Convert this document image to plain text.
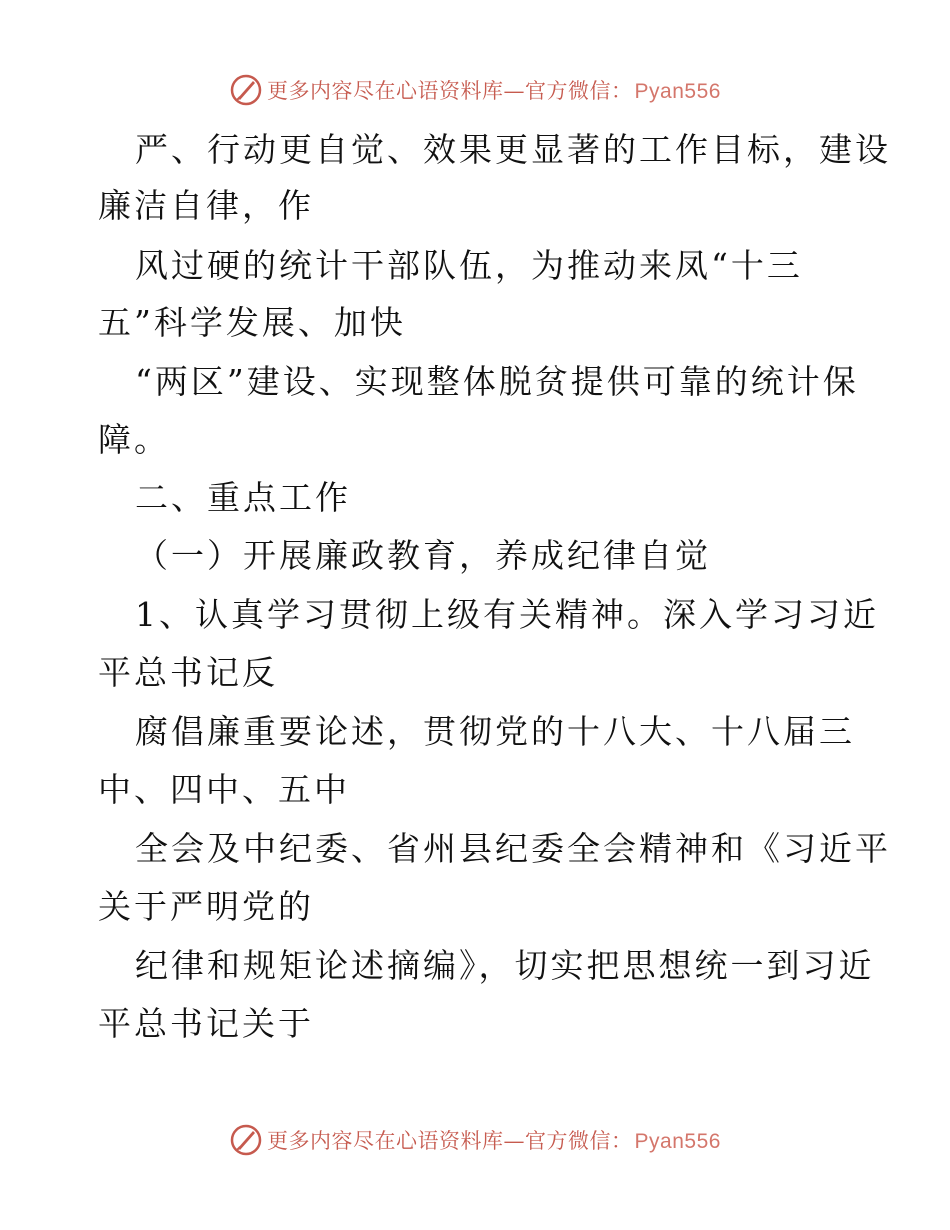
更多内容尽在心语资料库—官方微信：Pyan556
严、行动更自觉、效果更显著的工作目标，建设
廉洁自律，作
风过硬的统计干部队伍，为推动来凤“十三
五”科学发展、加快
“两区”建设、实现整体脱贫提供可靠的统计保
障。
二、重点工作
（一）开展廉政教育，养成纪律自觉
1、认真学习贯彻上级有关精神。深入学习习近
平总书记反
腐倡廉重要论述，贯彻党的十八大、十八届三
中、四中、五中
全会及中纪委、省州县纪委全会精神和《习近平
关于严明党的
纪律和规矩论述摘编》，切实把思想统一到习近
平总书记关于
更多内容尽在心语资料库—官方微信：Pyan556
